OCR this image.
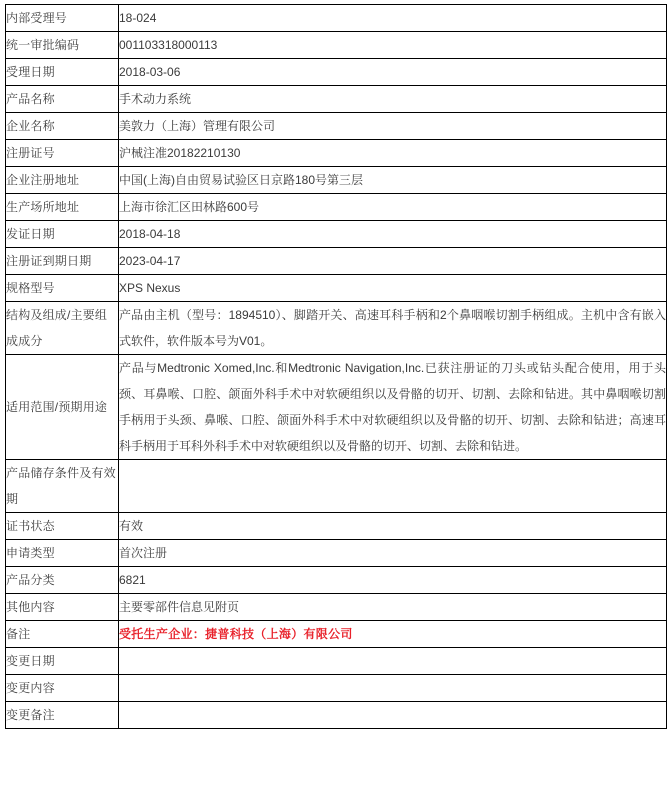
内部受理号	18-024

统一审批编码	001103318000113

受理日期	2018-03-06

产品名称	手术动力系统

企业名称	美敦力（上海）管理有限公司

注册证号	沪械注准20182210130

企业注册地址	中国(上海)自由贸易试验区日京路180号第三层

生产场所地址	上海市徐汇区田林路600号

发证日期	2018-04-18

注册证到期日期	2023-04-17

规格型号	XPS Nexus

结构及组成/主要组成成分	产品由主机（型号：1894510）、脚踏开关、高速耳科手柄和2个鼻咽喉切割手柄组成。主机中含有嵌入式软件，软件版本号为V01。

适用范围/预期用途	产品与Medtronic Xomed,Inc.和Medtronic Navigation,Inc.已获注册证的刀头或钻头配合使用，用于头颈、耳鼻喉、口腔、颌面外科手术中对软硬组织以及骨骼的切开、切割、去除和钻进。其中鼻咽喉切割手柄用于头颈、鼻喉、口腔、颌面外科手术中对软硬组织以及骨骼的切开、切割、去除和钻进；高速耳科手柄用于耳科外科手术中对软硬组织以及骨骼的切开、切割、去除和钻进。

产品储存条件及有效期	

证书状态	有效

申请类型	首次注册

产品分类	6821

其他内容	主要零部件信息见附页

备注	受托生产企业：捷普科技（上海）有限公司

变更日期	

变更内容	

变更备注	
